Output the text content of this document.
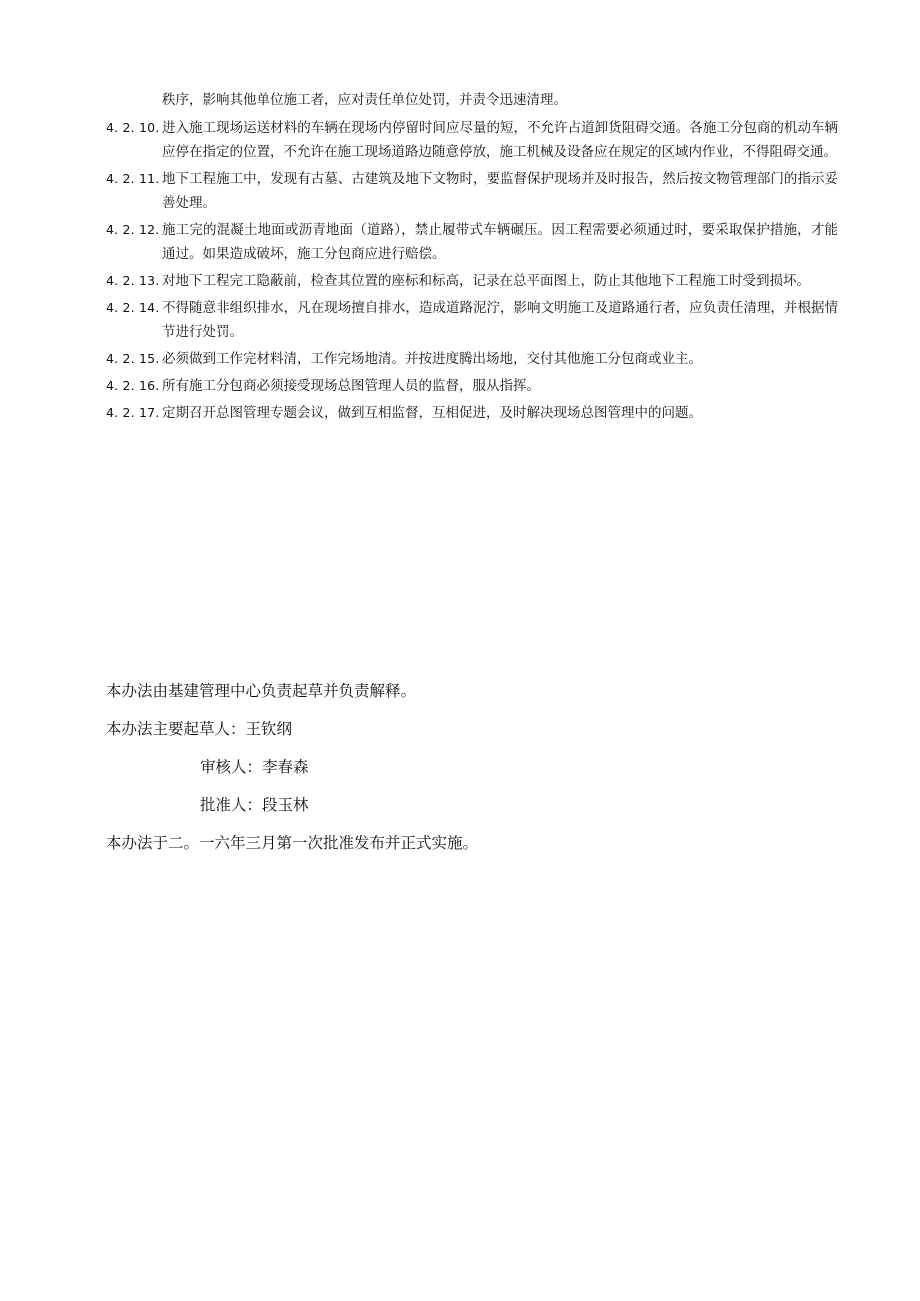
秩序，影响其他单位施工者，应对责任单位处罚，并责令迅速清理。

4. 2. 10. 进入施工现场运送材料的车辆在现场内停留时间应尽量的短，不允许占道卸货阻碍交通。各施工分包商的机动车辆应停在指定的位置，不允许在施工现场道路边随意停放，施工机械及设备应在规定的区域内作业，不得阻碍交通。
4. 2. 11. 地下工程施工中，发现有古墓、古建筑及地下文物时，要监督保护现场并及时报告，然后按文物管理部门的指示妥善处理。
4. 2. 12. 施工完的混凝土地面或沥青地面（道路），禁止履带式车辆碾压。因工程需要必须通过时，要采取保护措施，才能通过。如果造成破坏，施工分包商应进行赔偿。
4. 2. 13. 对地下工程完工隐蔽前，检查其位置的座标和标高，记录在总平面图上，防止其他地下工程施工时受到损坏。
4. 2. 14. 不得随意非组织排水，凡在现场擅自排水，造成道路泥泞，影响文明施工及道路通行者，应负责任清理，并根据情节进行处罚。
4. 2. 15. 必须做到工作完材料清，工作完场地清。并按进度腾出场地，交付其他施工分包商或业主。
4. 2. 16. 所有施工分包商必须接受现场总图管理人员的监督，服从指挥。
4. 2. 17. 定期召开总图管理专题会议，做到互相监督，互相促进，及时解决现场总图管理中的问题。
本办法由基建管理中心负责起草并负责解释。
本办法主要起草人：王钦纲
审核人：李春森
批准人：段玉林
本办法于二。一六年三月第一次批准发布并正式实施。
